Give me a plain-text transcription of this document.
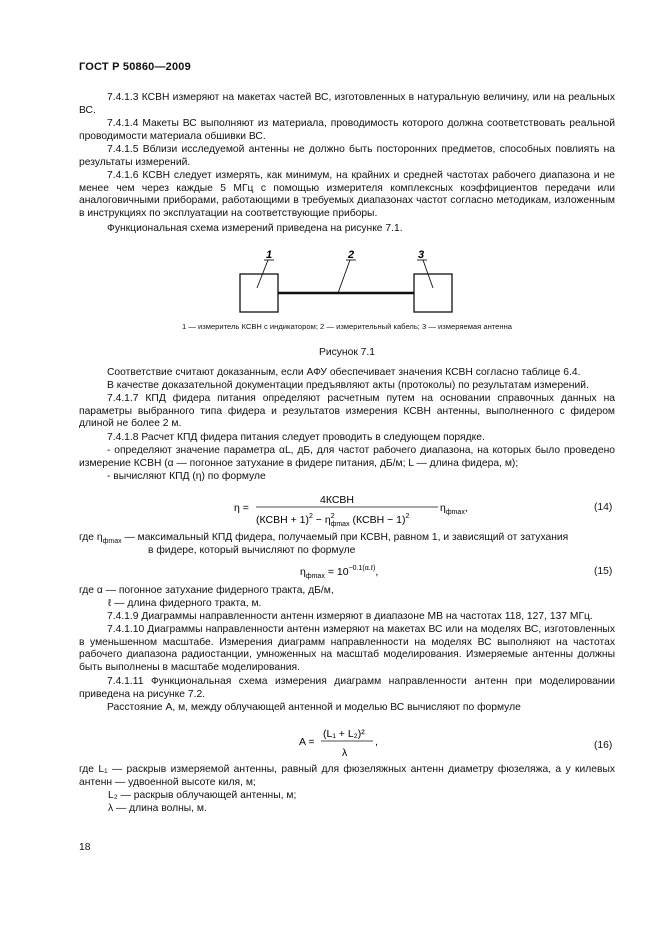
ГОСТ Р 50860—2009
7.4.1.3 КСВН измеряют на макетах частей ВС, изготовленных в натуральную величину, или на реальных ВС.
7.4.1.4 Макеты ВС выполняют из материала, проводимость которого должна соответствовать реальной проводимости материала обшивки ВС.
7.4.1.5 Вблизи исследуемой антенны не должно быть посторонних предметов, способных повлиять на результаты измерений.
7.4.1.6 КСВН следует измерять, как минимум, на крайних и средней частотах рабочего диапазона и не менее чем через каждые 5 МГц с помощью измерителя комплексных коэффициентов передачи или аналоговичными приборами, работающими в требуемых диапазонах частот согласно методикам, изложенным в инструкциях по эксплуатации на соответствующие приборы.
Функциональная схема измерений приведена на рисунке 7.1.
1	2	3
1 — измеритель КСВН с индикатором; 2 — измерительный кабель; 3 — измеряемая антенна
Рисунок 7.1
Соответствие считают доказанным, если АФУ обеспечивает значения КСВН согласно таблице 6.4.
В качестве доказательной документации предъявляют акты (протоколы) по результатам измерений.
7.4.1.7 КПД фидера питания определяют расчетным путем на основании справочных данных на параметры выбранного типа фидера и результатов измерения КСВН антенны, выполненного с фидером длиной не более 2 м.
7.4.1.8 Расчет КПД фидера питания следует проводить в следующем порядке.
- определяют значение параметра αL, дБ, для частот рабочего диапазона, на которых было проведено измерение КСВН (α — погонное затухание в фидере питания, дБ/м; L — длина фидера, м);
- вычисляют КПД (η) по формуле
η =
4КСВН
(КСВН + $1)^2 - \eta^2$ фmax (КСВН − 1)$^2$
$\eta_{фmax}$,	(14)
где $\eta_{фmax}$ — максимальный КПД фидера, получаемый при КСВН, равном 1, и зависящий от затухания
в фидере, который вычисляют по формуле
$\eta_{фmax} = 10^{-0.1(\alpha.\ell)}$,	(15)
где α — погонное затухание фидерного тракта, дБ/м,
ℓ — длина фидерного тракта, м.
7.4.1.9 Диаграммы направленности антенн измеряют в диапазоне МВ на частотах 118, 127, 137 МГц.
7.4.1.10 Диаграммы направленности антенн измеряют на макетах ВС или на моделях ВС, изготовленных в уменьшенном масштабе. Измерения диаграмм направленности на моделях ВС выполняют на частотах рабочего диапазона радиостанции, умноженных на масштаб моделирования. Измеряемые антенны должны быть выполнены в масштабе моделирования.
7.4.1.11 Функциональная схема измерения диаграмм направленности антенн при моделировании приведена на рисунке 7.2.
Расстояние A, м, между облучающей антенной и моделью ВС вычисляют по формуле
A =
(L₁ + L₂)²
λ
,	(16)
где L₁ — раскрыв измеряемой антенны, равный для фюзеляжных антенн диаметру фюзеляжа, а у килевых антенн — удвоенной высоте киля, м;
L₂ — раскрыв облучающей антенны, м;
λ — длина волны, м.
18
